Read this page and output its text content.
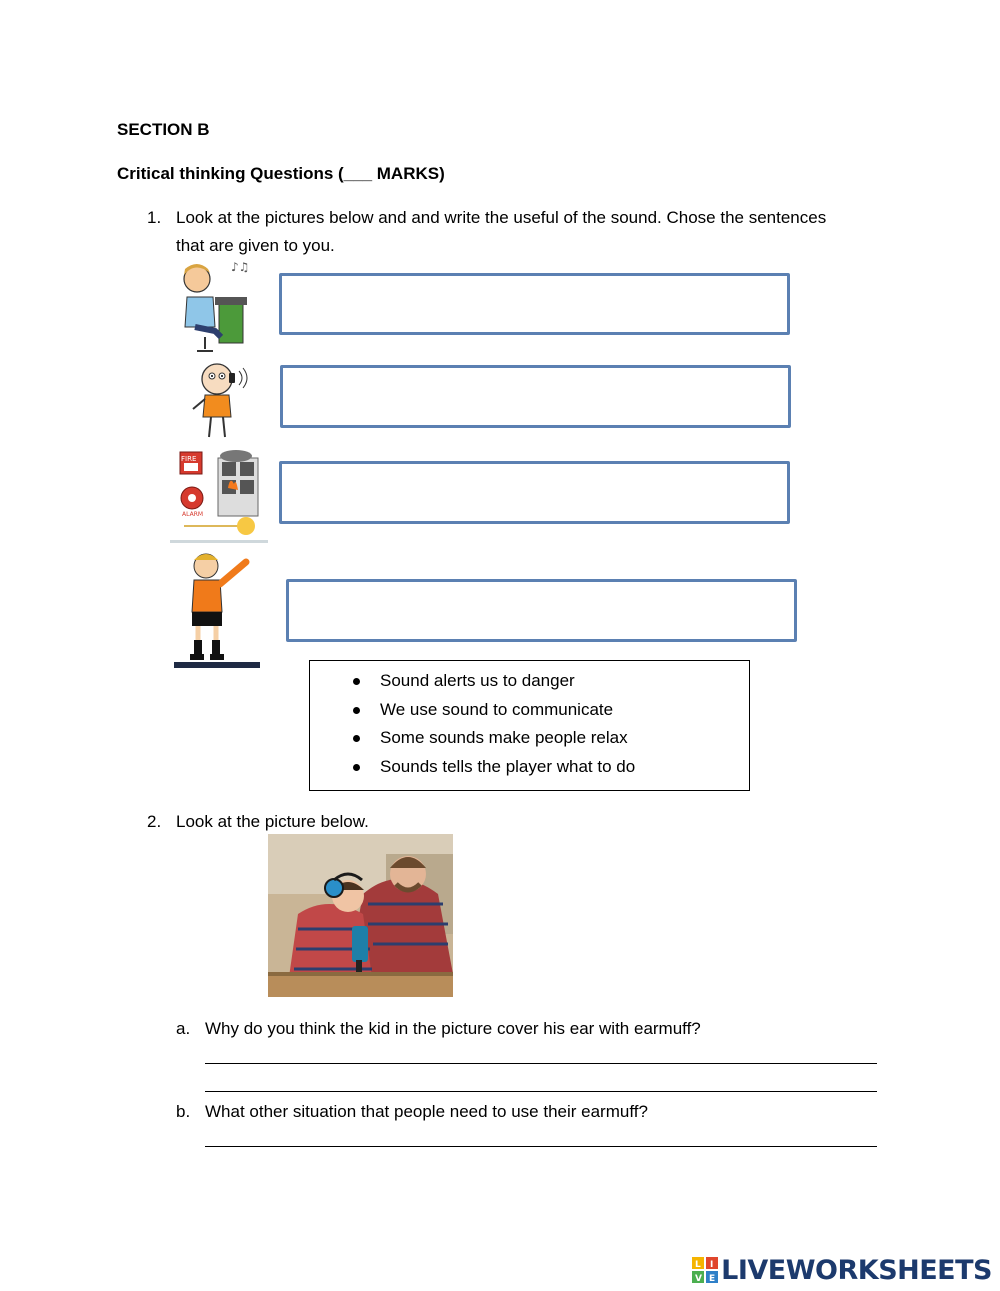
SECTION B
Critical thinking Questions (___ MARKS)
1. Look at the pictures below and and write the useful of the sound. Chose the sentences
that are given to you.
♪♫
FIRE
ALARM
Sound alerts us to danger
We use sound to communicate
Some sounds make people relax
Sounds tells the player what to do
2. Look at the picture below.
a. Why do you think the kid in the picture cover his ear with earmuff?
b. What other situation that people need to use their earmuff?
L I
V E LIVEWORKSHEETS
